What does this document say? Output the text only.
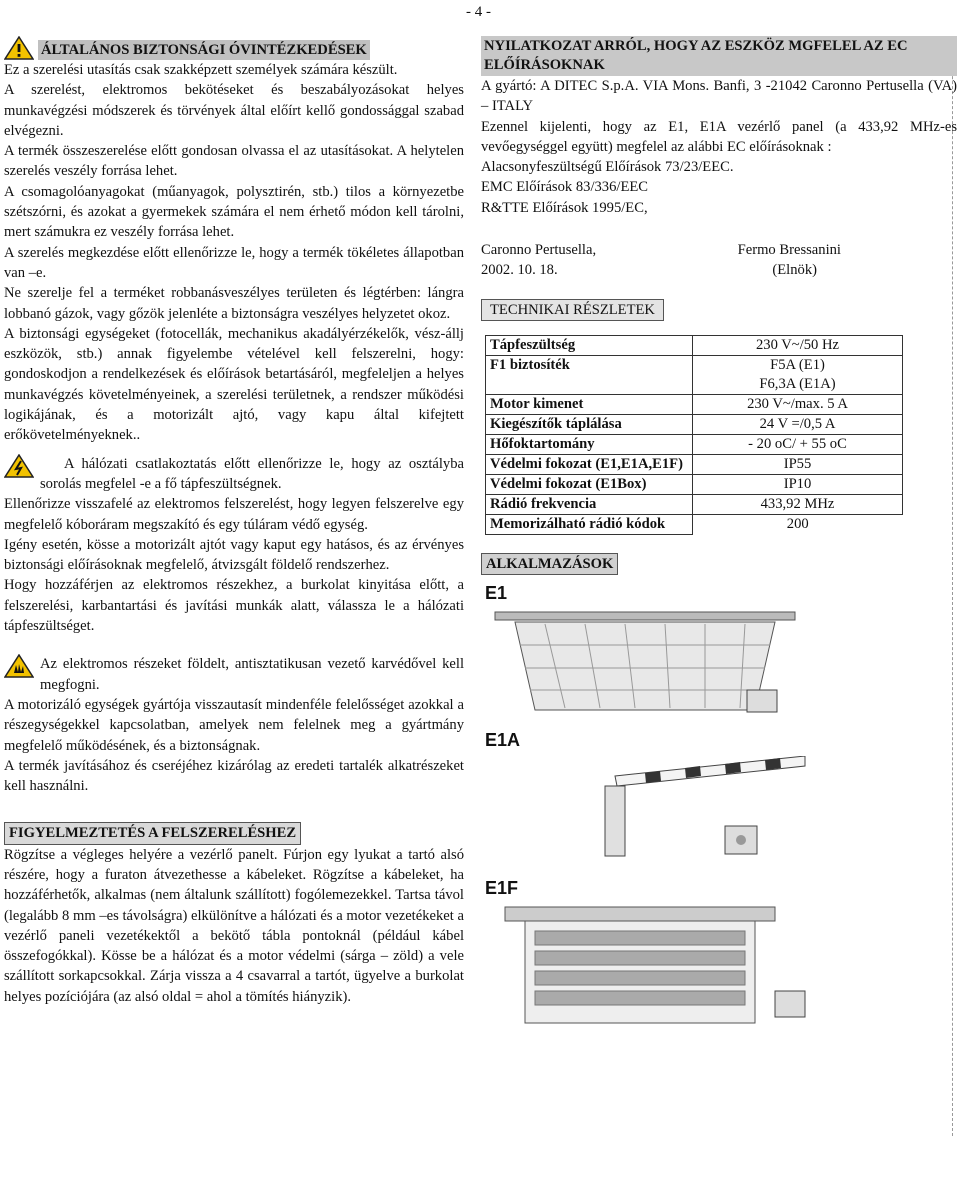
- 4 -
ÁLTALÁNOS BIZTONSÁGI ÓVINTÉZKEDÉSEK

Ez a szerelési utasítás csak szakképzett személyek számára készült.

A szerelést, elektromos bekötéseket és beszabályozásokat helyes munkavégzési módszerek és törvények által előírt kellő gondossággal szabad elvégezni.

A termék összeszerelése előtt gondosan olvassa el az utasításokat. A helytelen szerelés veszély forrása lehet.

A csomagolóanyagokat (műanyagok, polysztirén, stb.) tilos a környezetbe szétszórni, és azokat a gyermekek számára el nem érhető módon kell tárolni, mert számukra ez veszély forrása lehet.

A szerelés megkezdése előtt ellenőrizze le, hogy a termék tökéletes állapotban van –e.

Ne szerelje fel a terméket robbanásveszélyes területen és légtérben: lángra lobbanó gázok, vagy gőzök jelenléte a biztonságra veszélyes helyzetet okoz.

A biztonsági egységeket (fotocellák, mechanikus akadályérzékelők, vész-állj eszközök, stb.) annak figyelembe vételével kell felszerelni, hogy: gondoskodjon a rendelkezések és előírások betartásáról, megfeleljen a helyes munkavégzés követelményeinek, a szerelési területnek, a rendszer működési logikájának, és a motorizált ajtó, vagy kapu által kifejtett erőkövetelményeknek..

A hálózati csatlakoztatás előtt ellenőrizze le, hogy az osztályba sorolás megfelel -e a fő tápfeszültségnek.

Ellenőrizze visszafelé az elektromos felszerelést, hogy legyen felszerelve egy megfelelő kóboráram megszakító és egy túláram védő egység.

Igény esetén, kösse a motorizált ajtót vagy kaput egy hatásos, és az érvényes biztonsági előírásoknak megfelelő, átvizsgált földelő rendszerhez.

Hogy hozzáférjen az elektromos részekhez, a burkolat kinyitása előtt, a felszerelési, karbantartási és javítási munkák alatt, válassza le a hálózati tápfeszültséget.

Az elektromos részeket földelt, antisztatikusan vezető karvédővel kell megfogni.

A motorizáló egységek gyártója visszautasít mindenféle felelősséget azokkal a részegységekkel kapcsolatban, amelyek nem felelnek meg a gyártmány megfelelő működésének, és a biztonságnak.

A termék javításához és cseréjéhez kizárólag az eredeti tartalék alkatrészeket kell használni.

FIGYELMEZTETÉS A FELSZERELÉSHEZ

Rögzítse a végleges helyére a vezérlő panelt. Fúrjon egy lyukat a tartó alsó részére, hogy a furaton átvezethesse a kábeleket. Rögzítse a kábeleket, ha hozzáférhetők, alkalmas (nem általunk szállított) fogólemezekkel. Tartsa távol (legalább 8 mm –es távolságra) elkülönítve a hálózati és a motor vezetékeket a vezérlő paneli vezetékektől a bekötő tábla pontoknál (például kábel összefogókkal). Kösse be a hálózat és a motor védelmi (sárga – zöld) a vele szállított sorkapcsokkal. Zárja vissza a 4 csavarral a tartót, ügyelve a burkolat helyes pozíciójára (az alsó oldal = ahol a tömítés hiányzik).

NYILATKOZAT ARRÓL, HOGY AZ ESZKÖZ MGFELEL AZ EC ELŐÍRÁSOKNAK

A gyártó: A DITEC S.p.A. VIA Mons. Banfi, 3 -21042 Caronno Pertusella (VA) – ITALY

Ezennel kijelenti, hogy az E1, E1A vezérlő panel (a 433,92 MHz-es vevőegységgel együtt) megfelel az alábbi EC előírásoknak :

Alacsonyfeszültségű Előírások 73/23/EEC.

EMC Előírások 83/336/EEC

R&TTE Előírások 1995/EC,

Caronno Pertusella,	Fermo Bressanini
2002. 10. 18.	(Elnök)
TECHNIKAI RÉSZLETEK
Tápfeszültség	230 V~/50 Hz
F1 biztosíték	F5A (E1)
	F6,3A (E1A)
Motor kimenet	230 V~/max. 5 A
Kiegészítők táplálása	24 V =/0,5 A
Hőfoktartomány	- 20 oC/ + 55 oC
Védelmi fokozat (E1,E1A,E1F)	IP55
Védelmi fokozat (E1Box)	IP10
Rádió frekvencia	433,92 MHz
Memorizálható rádió kódok	200
ALKALMAZÁSOK
E1
E1A
E1F
